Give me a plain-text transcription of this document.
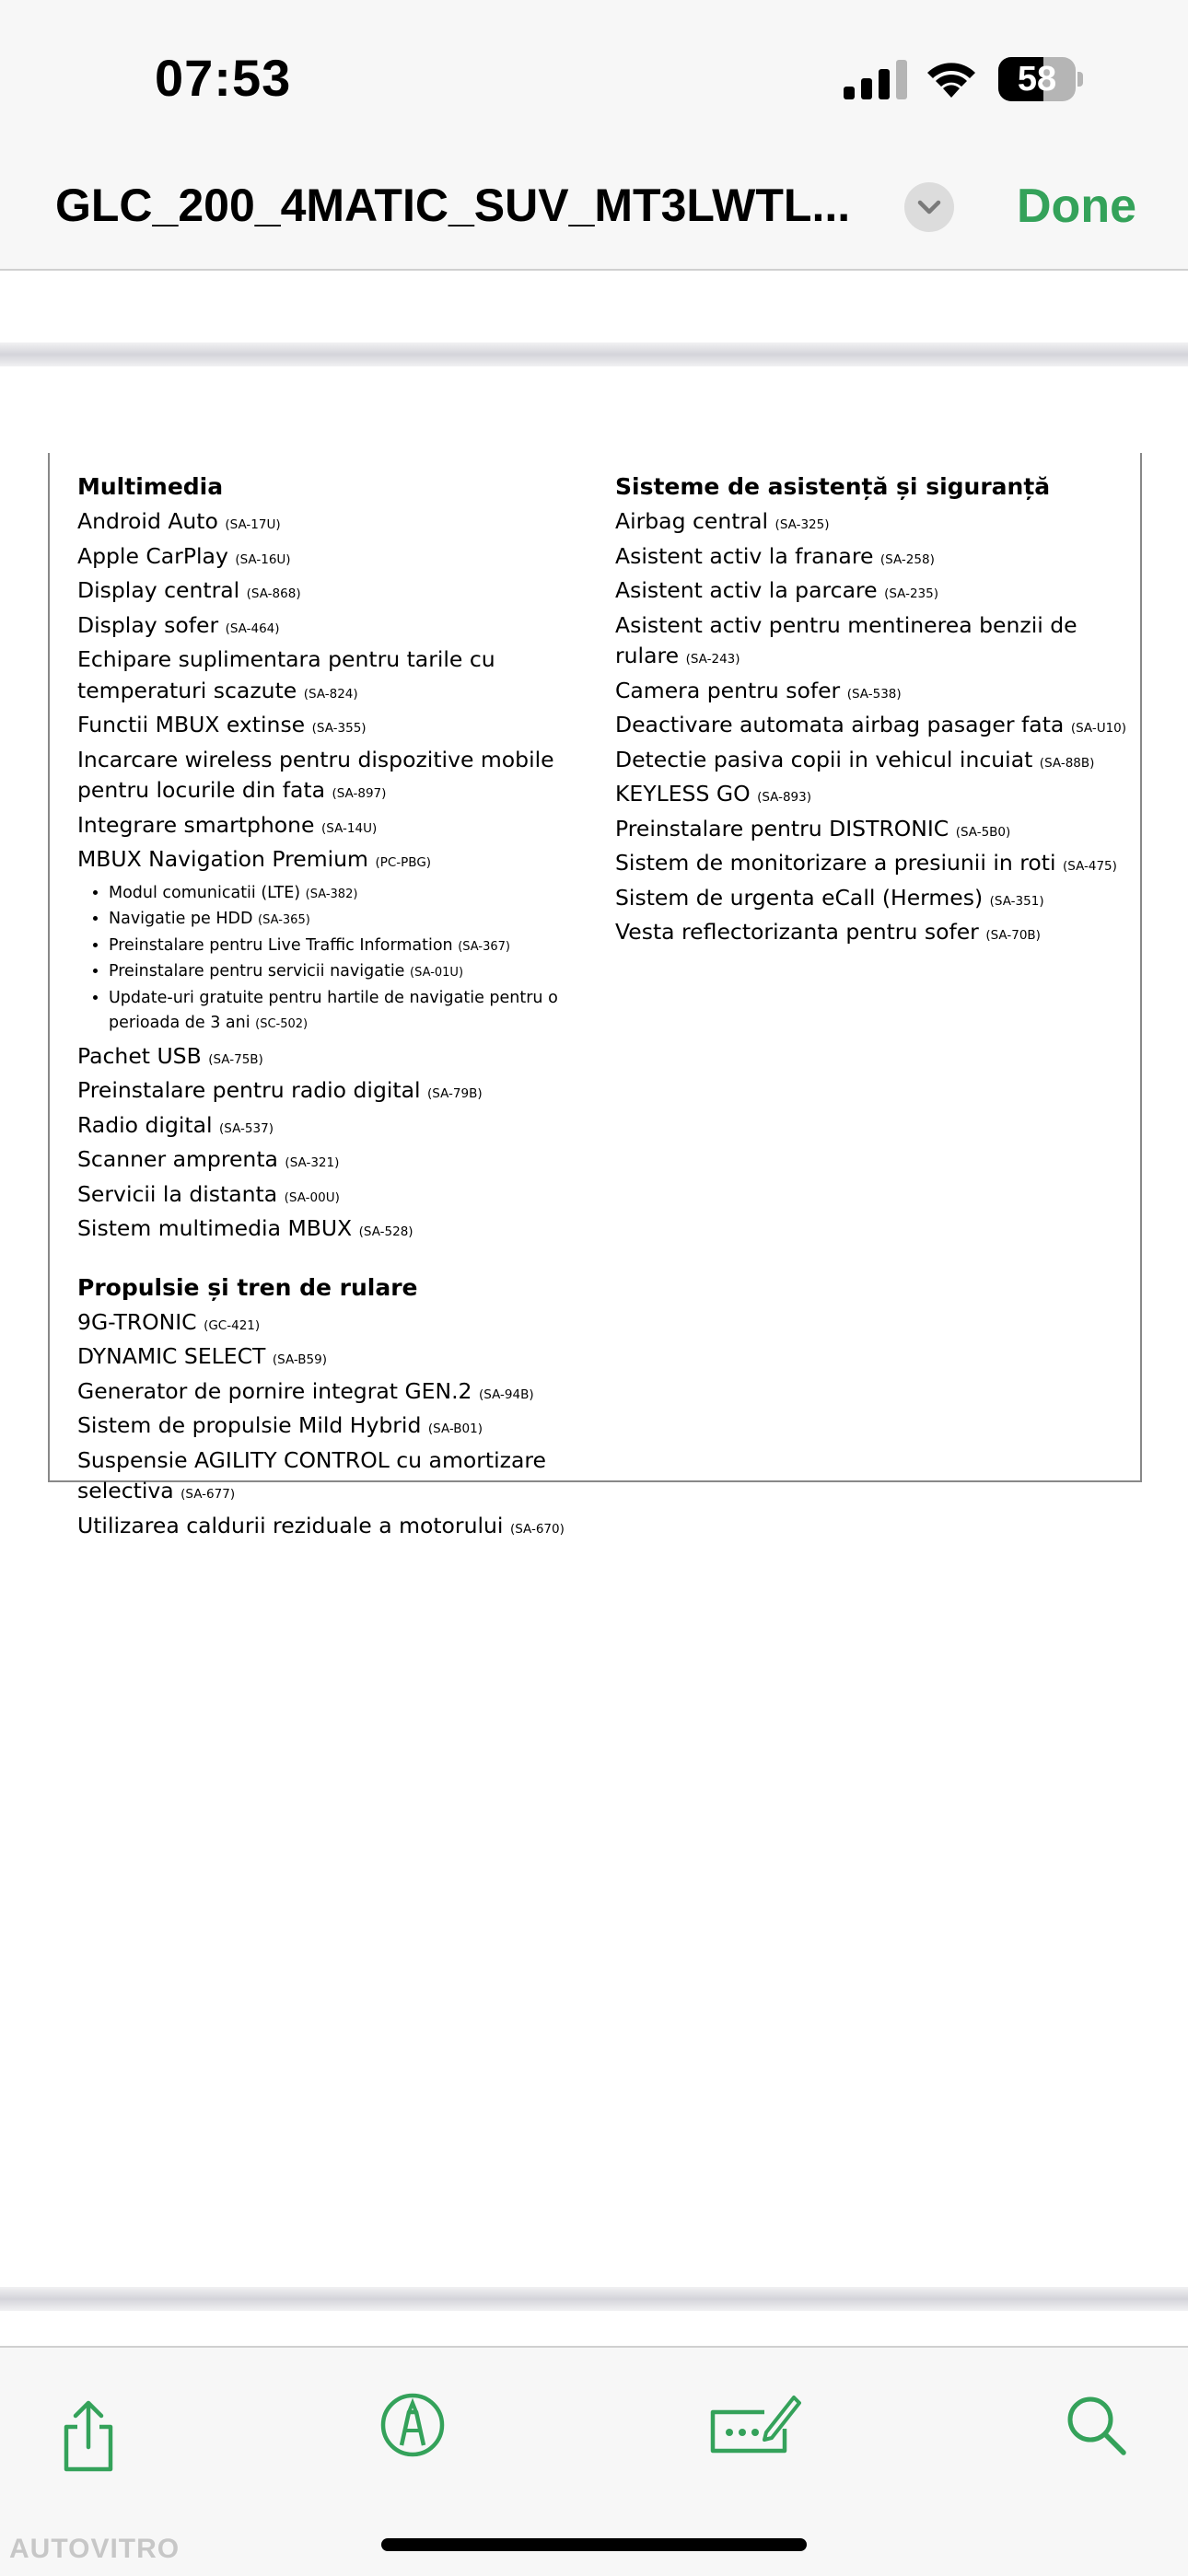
07:53	58
GLC_200_4MATIC_SUV_MT3LWTL...	Done
Multimedia
Android Auto (SA-17U)
Apple CarPlay (SA-16U)
Display central (SA-868)
Display sofer (SA-464)
Echipare suplimentara pentru tarile cu temperaturi scazute (SA-824)
Functii MBUX extinse (SA-355)
Incarcare wireless pentru dispozitive mobile pentru locurile din fata (SA-897)
Integrare smartphone (SA-14U)
MBUX Navigation Premium (PC-PBG)
• Modul comunicatii (LTE) (SA-382)
• Navigatie pe HDD (SA-365)
• Preinstalare pentru Live Traffic Information (SA-367)
• Preinstalare pentru servicii navigatie (SA-01U)
• Update-uri gratuite pentru hartile de navigatie pentru o perioada de 3 ani (SC-502)
Pachet USB (SA-75B)
Preinstalare pentru radio digital (SA-79B)
Radio digital (SA-537)
Scanner amprenta (SA-321)
Servicii la distanta (SA-00U)
Sistem multimedia MBUX (SA-528)
Propulsie și tren de rulare
9G-TRONIC (GC-421)
DYNAMIC SELECT (SA-B59)
Generator de pornire integrat GEN.2 (SA-94B)
Sistem de propulsie Mild Hybrid (SA-B01)
Suspensie AGILITY CONTROL cu amortizare selectiva (SA-677)
Utilizarea caldurii reziduale a motorului (SA-670)
Sisteme de asistență și siguranță
Airbag central (SA-325)
Asistent activ la franare (SA-258)
Asistent activ la parcare (SA-235)
Asistent activ pentru mentinerea benzii de rulare (SA-243)
Camera pentru sofer (SA-538)
Deactivare automata airbag pasager fata (SA-U10)
Detectie pasiva copii in vehicul incuiat (SA-88B)
KEYLESS GO (SA-893)
Preinstalare pentru DISTRONIC (SA-5B0)
Sistem de monitorizare a presiunii in roti (SA-475)
Sistem de urgenta eCall (Hermes) (SA-351)
Vesta reflectorizanta pentru sofer (SA-70B)
AUTOVITRO
